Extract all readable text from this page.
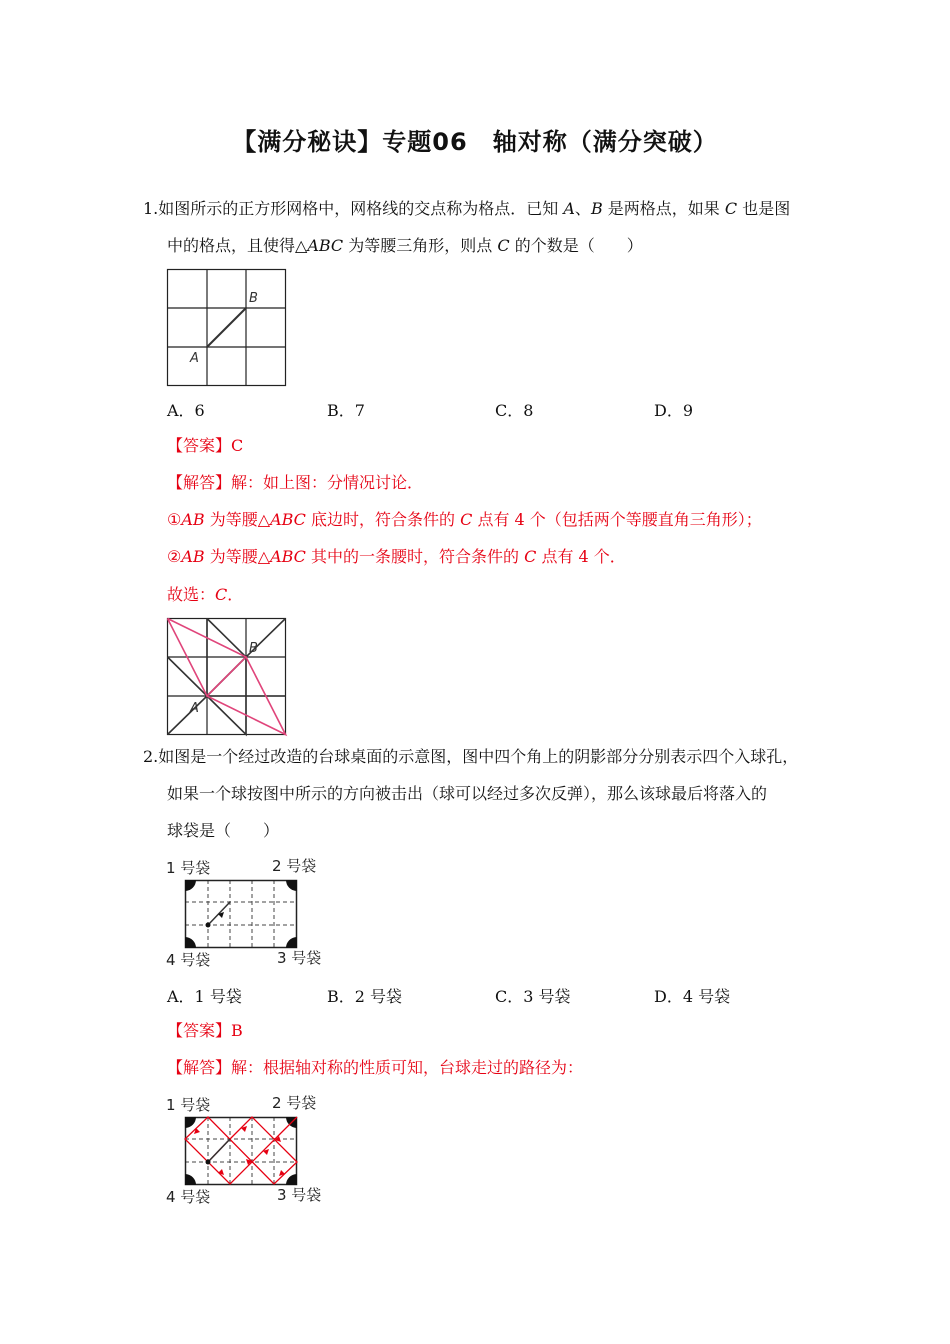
【满分秘诀】专题06　轴对称（满分突破）
1.如图所示的正方形网格中，网格线的交点称为格点．已知 A、B 是两格点，如果 C 也是图
中的格点，且使得△ABC 为等腰三角形，则点 C 的个数是（　　）
A
B
A．6	B．7	C．8	D．9
【答案】C
【解答】解：如上图：分情况讨论．
①AB 为等腰△ABC 底边时，符合条件的 C 点有 4 个（包括两个等腰直角三角形）；
②AB 为等腰△ABC 其中的一条腰时，符合条件的 C 点有 4 个．
故选：C．
A
B
2.如图是一个经过改造的台球桌面的示意图，图中四个角上的阴影部分分别表示四个入球孔，
如果一个球按图中所示的方向被击出（球可以经过多次反弹），那么该球最后将落入的
球袋是（　　）
1 号袋	2 号袋
4 号袋	3 号袋
A．1 号袋	B．2 号袋	C．3 号袋	D．4 号袋
【答案】B
【解答】解：根据轴对称的性质可知，台球走过的路径为：
1 号袋	2 号袋
4 号袋	3 号袋
